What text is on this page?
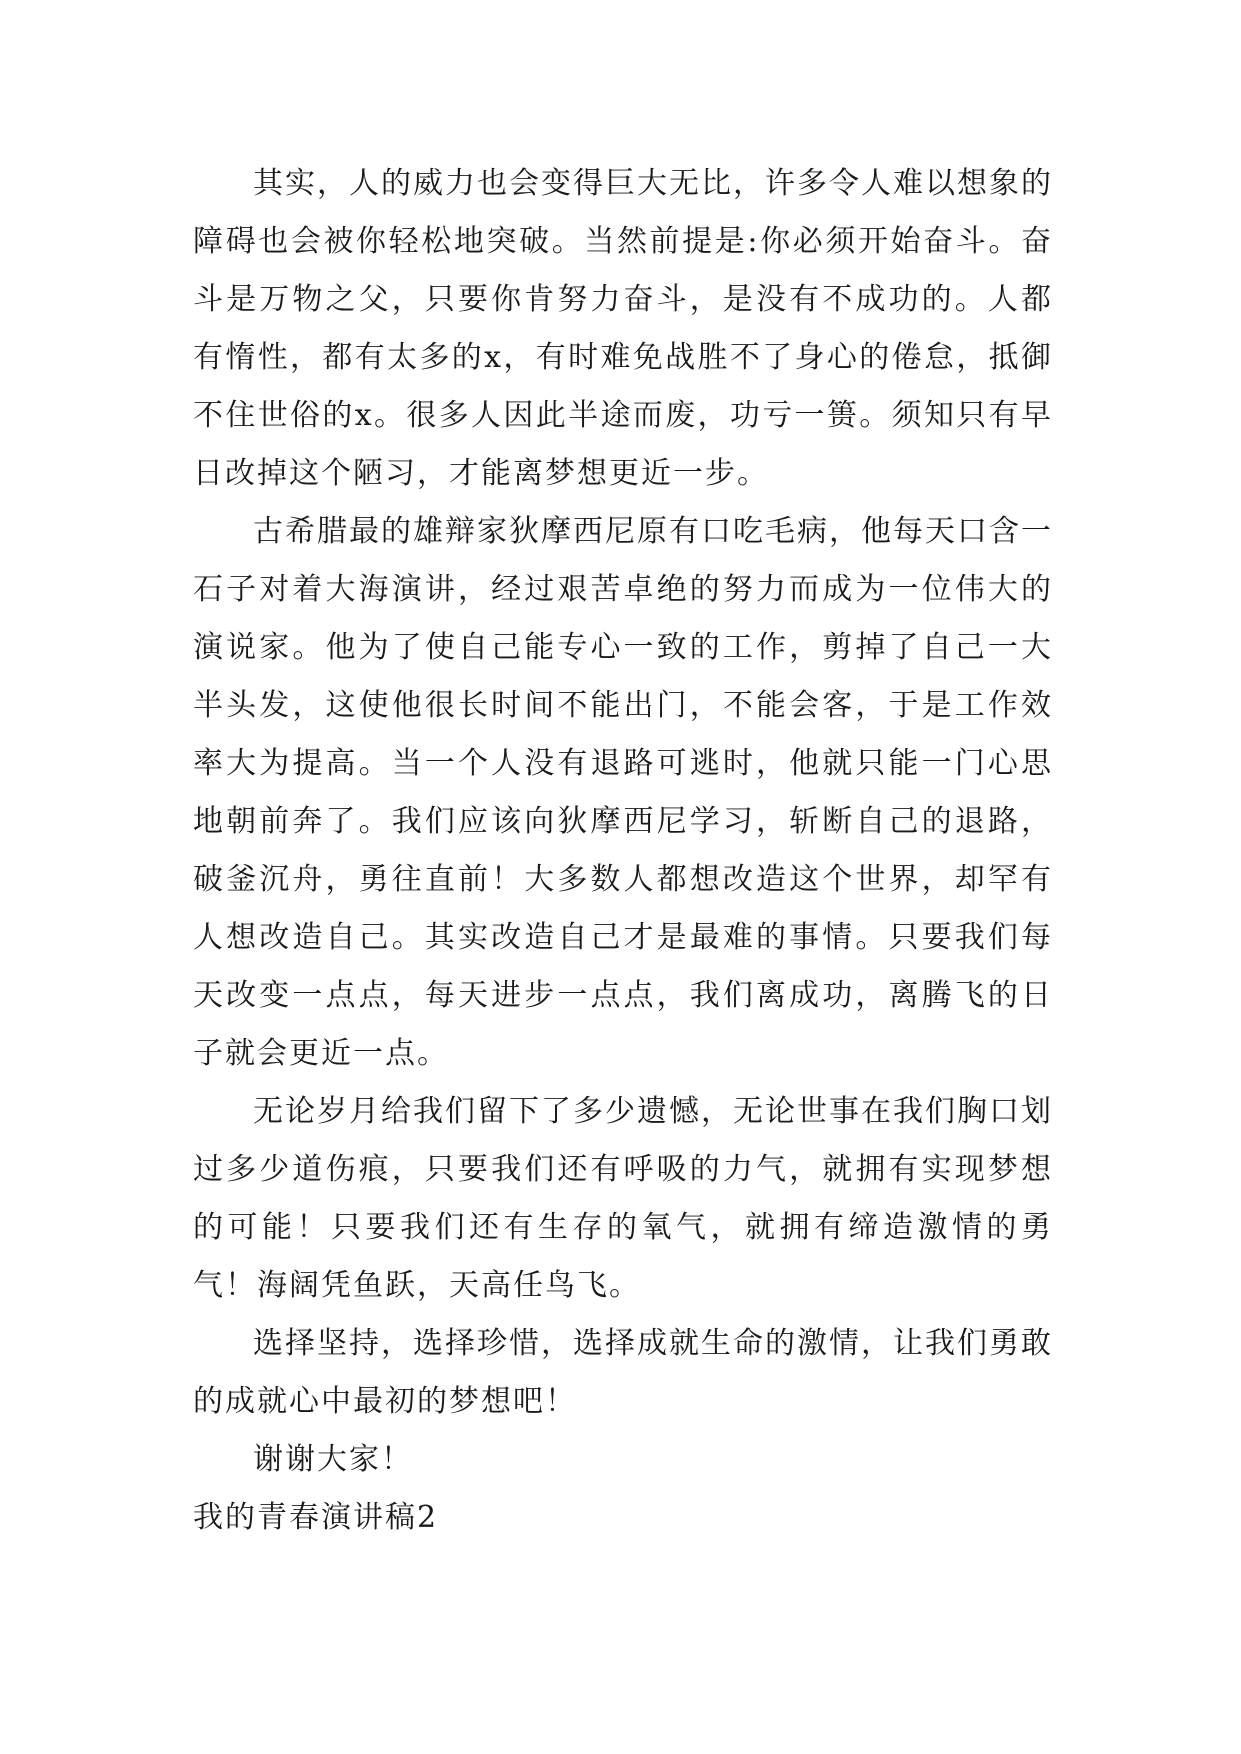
其实，人的威力也会变得巨大无比，许多令人难以想象的障碍也会被你轻松地突破。当然前提是:你必须开始奋斗。奋斗是万物之父，只要你肯努力奋斗，是没有不成功的。人都有惰性，都有太多的x，有时难免战胜不了身心的倦怠，抵御不住世俗的x。很多人因此半途而废，功亏一篑。须知只有早日改掉这个陋习，才能离梦想更近一步。

古希腊最的雄辩家狄摩西尼原有口吃毛病，他每天口含一石子对着大海演讲，经过艰苦卓绝的努力而成为一位伟大的演说家。他为了使自己能专心一致的工作，剪掉了自己一大半头发，这使他很长时间不能出门，不能会客，于是工作效率大为提高。当一个人没有退路可逃时，他就只能一门心思地朝前奔了。我们应该向狄摩西尼学习，斩断自己的退路，破釜沉舟，勇往直前！大多数人都想改造这个世界，却罕有人想改造自己。其实改造自己才是最难的事情。只要我们每天改变一点点，每天进步一点点，我们离成功，离腾飞的日子就会更近一点。

无论岁月给我们留下了多少遗憾，无论世事在我们胸口划过多少道伤痕，只要我们还有呼吸的力气，就拥有实现梦想的可能！只要我们还有生存的氧气，就拥有缔造激情的勇气！海阔凭鱼跃，天高任鸟飞。

选择坚持，选择珍惜，选择成就生命的激情，让我们勇敢的成就心中最初的梦想吧！

谢谢大家！

我的青春演讲稿2
